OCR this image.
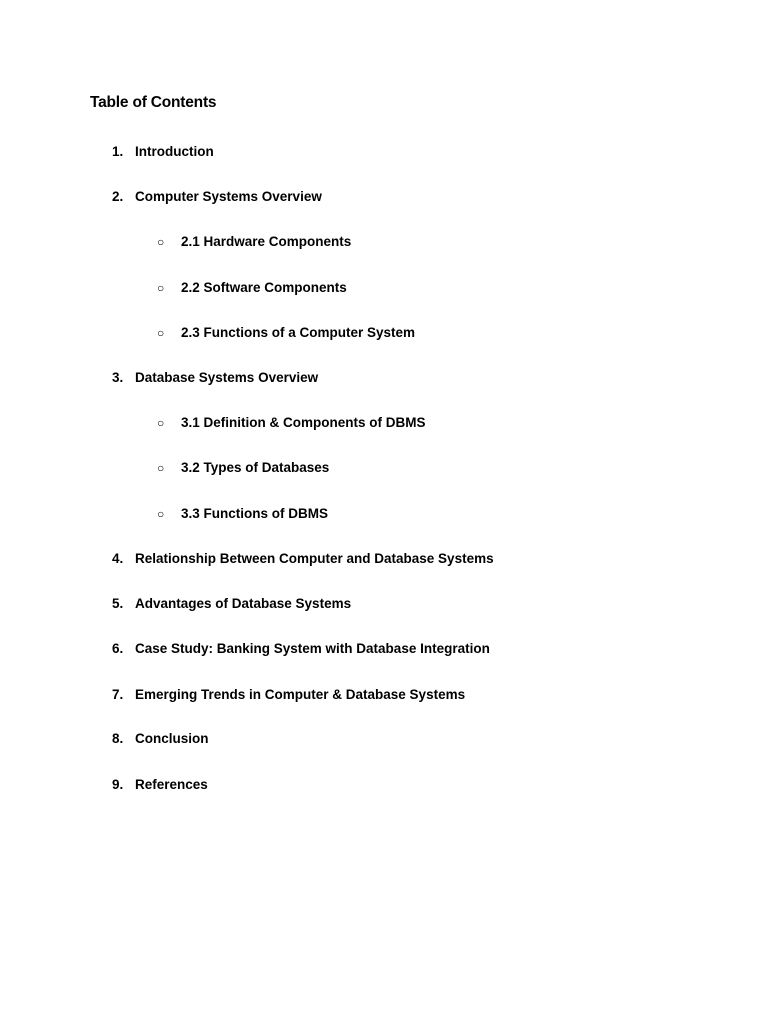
Table of Contents
1. Introduction
2. Computer Systems Overview
○ 2.1 Hardware Components
○ 2.2 Software Components
○ 2.3 Functions of a Computer System
3. Database Systems Overview
○ 3.1 Definition & Components of DBMS
○ 3.2 Types of Databases
○ 3.3 Functions of DBMS
4. Relationship Between Computer and Database Systems
5. Advantages of Database Systems
6. Case Study: Banking System with Database Integration
7. Emerging Trends in Computer & Database Systems
8. Conclusion
9. References
